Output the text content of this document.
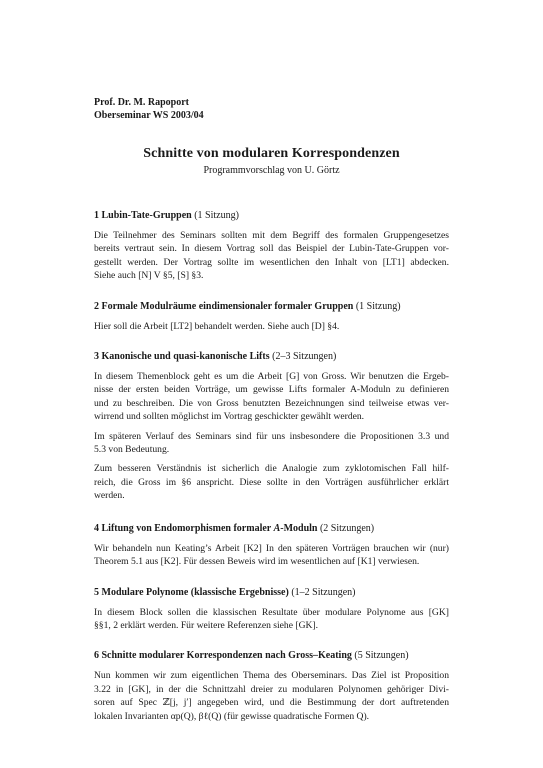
Prof. Dr. M. Rapoport
Oberseminar WS 2003/04
Schnitte von modularen Korrespondenzen
Programmvorschlag von U. Görtz
1 Lubin-Tate-Gruppen (1 Sitzung)

Die Teilnehmer des Seminars sollten mit dem Begriff des formalen Gruppengesetzes
bereits vertraut sein. In diesem Vortrag soll das Beispiel der Lubin-Tate-Gruppen vor-
gestellt werden. Der Vortrag sollte im wesentlichen den Inhalt von [LT1] abdecken.
Siehe auch [N] V §5, [S] §3.

2 Formale Modulräume eindimensionaler formaler Gruppen (1 Sitzung)

Hier soll die Arbeit [LT2] behandelt werden. Siehe auch [D] §4.

3 Kanonische und quasi-kanonische Lifts (2–3 Sitzungen)

In diesem Themenblock geht es um die Arbeit [G] von Gross. Wir benutzen die Ergeb-
nisse der ersten beiden Vorträge, um gewisse Lifts formaler A-Moduln zu definieren
und zu beschreiben. Die von Gross benutzten Bezeichnungen sind teilweise etwas ver-
wirrend und sollten möglichst im Vortrag geschickter gewählt werden.

Im späteren Verlauf des Seminars sind für uns insbesondere die Propositionen 3.3 und
5.3 von Bedeutung.

Zum besseren Verständnis ist sicherlich die Analogie zum zyklotomischen Fall hilf-
reich, die Gross im §6 anspricht. Diese sollte in den Vorträgen ausführlicher erklärt
werden.

4 Liftung von Endomorphismen formaler A-Moduln (2 Sitzungen)

Wir behandeln nun Keating’s Arbeit [K2] In den späteren Vorträgen brauchen wir (nur)
Theorem 5.1 aus [K2]. Für dessen Beweis wird im wesentlichen auf [K1] verwiesen.

5 Modulare Polynome (klassische Ergebnisse) (1–2 Sitzungen)

In diesem Block sollen die klassischen Resultate über modulare Polynome aus [GK]
§§1, 2 erklärt werden. Für weitere Referenzen siehe [GK].

6 Schnitte modularer Korrespondenzen nach Gross–Keating (5 Sitzungen)

Nun kommen wir zum eigentlichen Thema des Oberseminars. Das Ziel ist Proposition
3.22 in [GK], in der die Schnittzahl dreier zu modularen Polynomen gehöriger Divi-
soren auf Spec ℤ[j, j′] angegeben wird, und die Bestimmung der dort auftretenden
lokalen Invarianten αp(Q), βℓ(Q) (für gewisse quadratische Formen Q).
